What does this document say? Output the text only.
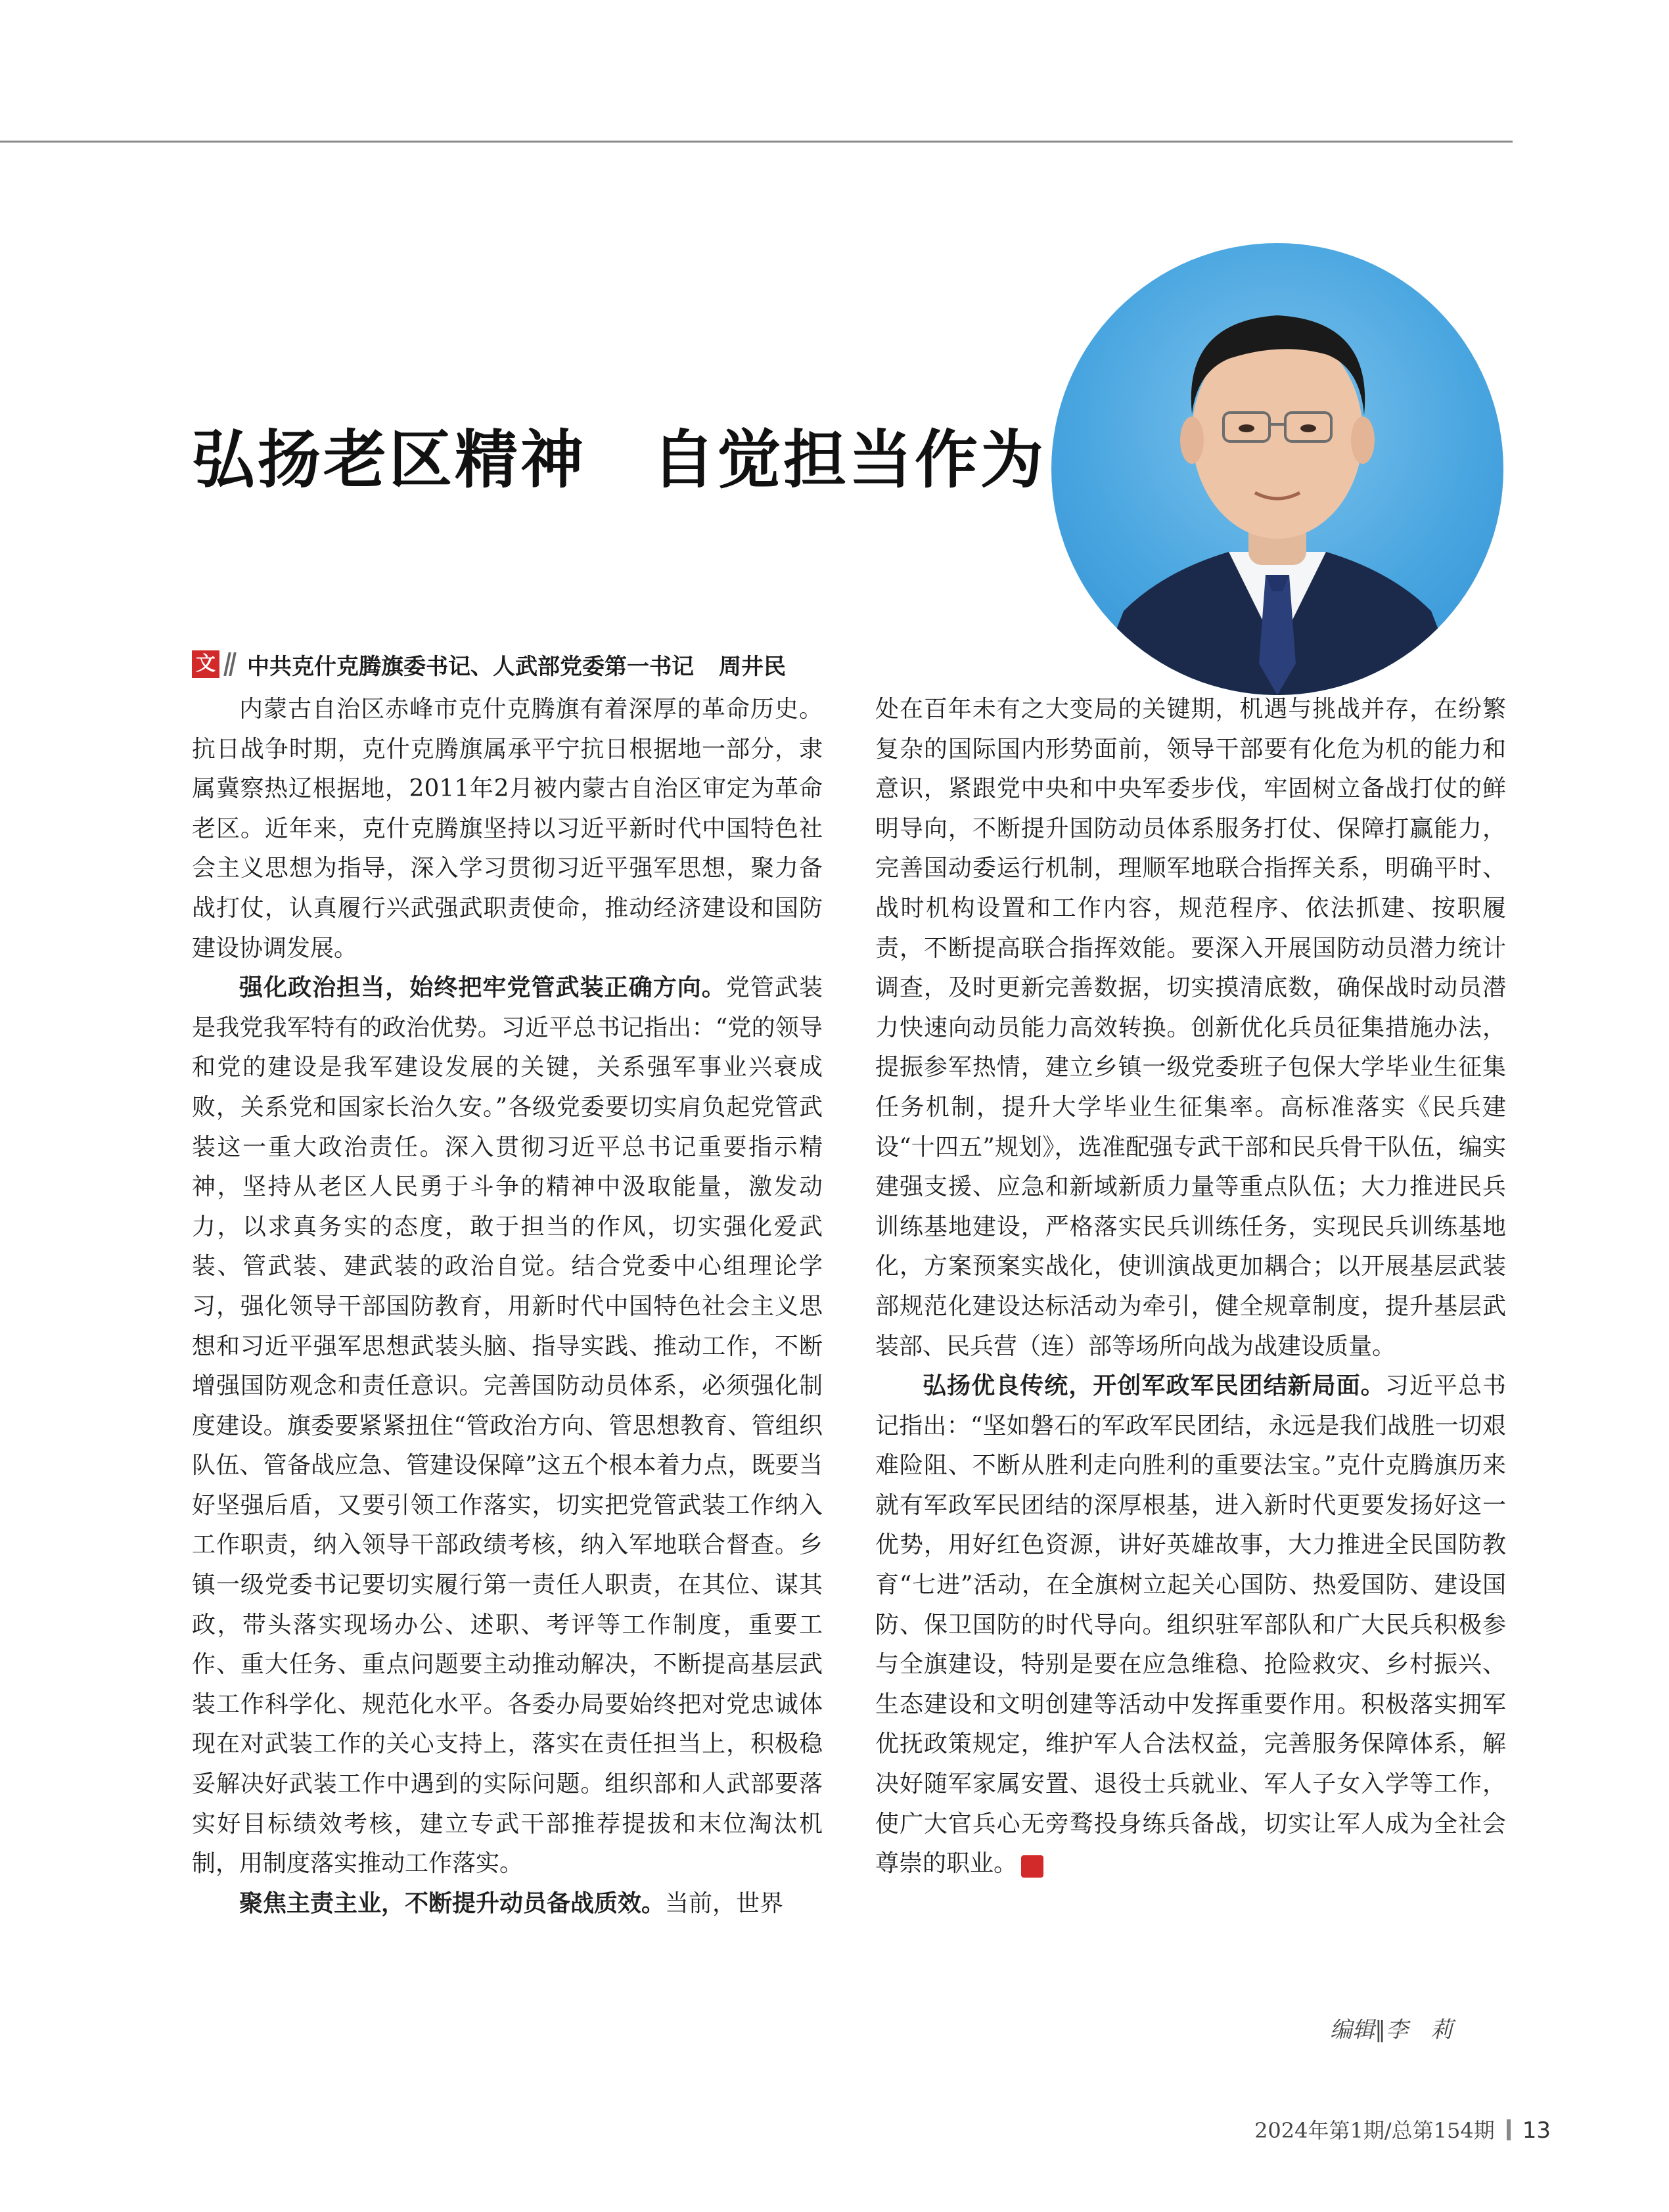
弘扬老区精神　自觉担当作为
文 中共克什克腾旗委书记、人武部党委第一书记 周井民

内蒙古自治区赤峰市克什克腾旗有着深厚的革命历史。抗日战争时期，克什克腾旗属承平宁抗日根据地一部分，隶属冀察热辽根据地，2011年2月被内蒙古自治区审定为革命老区。近年来，克什克腾旗坚持以习近平新时代中国特色社会主义思想为指导，深入学习贯彻习近平强军思想，聚力备战打仗，认真履行兴武强武职责使命，推动经济建设和国防建设协调发展。

强化政治担当，始终把牢党管武装正确方向。党管武装是我党我军特有的政治优势。习近平总书记指出：“党的领导和党的建设是我军建设发展的关键，关系强军事业兴衰成败，关系党和国家长治久安。”各级党委要切实肩负起党管武装这一重大政治责任。深入贯彻习近平总书记重要指示精神，坚持从老区人民勇于斗争的精神中汲取能量，激发动力，以求真务实的态度，敢于担当的作风，切实强化爱武装、管武装、建武装的政治自觉。结合党委中心组理论学习，强化领导干部国防教育，用新时代中国特色社会主义思想和习近平强军思想武装头脑、指导实践、推动工作，不断增强国防观念和责任意识。完善国防动员体系，必须强化制度建设。旗委要紧紧扭住“管政治方向、管思想教育、管组织队伍、管备战应急、管建设保障”这五个根本着力点，既要当好坚强后盾，又要引领工作落实，切实把党管武装工作纳入工作职责，纳入领导干部政绩考核，纳入军地联合督查。乡镇一级党委书记要切实履行第一责任人职责，在其位、谋其政，带头落实现场办公、述职、考评等工作制度，重要工作、重大任务、重点问题要主动推动解决，不断提高基层武装工作科学化、规范化水平。各委办局要始终把对党忠诚体现在对武装工作的关心支持上，落实在责任担当上，积极稳妥解决好武装工作中遇到的实际问题。组织部和人武部要落实好目标绩效考核，建立专武干部推荐提拔和末位淘汰机制，用制度落实推动工作落实。

聚焦主责主业，不断提升动员备战质效。当前，世界

处在百年未有之大变局的关键期，机遇与挑战并存，在纷繁复杂的国际国内形势面前，领导干部要有化危为机的能力和意识，紧跟党中央和中央军委步伐，牢固树立备战打仗的鲜明导向，不断提升国防动员体系服务打仗、保障打赢能力，完善国动委运行机制，理顺军地联合指挥关系，明确平时、战时机构设置和工作内容，规范程序、依法抓建、按职履责，不断提高联合指挥效能。要深入开展国防动员潜力统计调查，及时更新完善数据，切实摸清底数，确保战时动员潜力快速向动员能力高效转换。创新优化兵员征集措施办法，提振参军热情，建立乡镇一级党委班子包保大学毕业生征集任务机制，提升大学毕业生征集率。高标准落实《民兵建设“十四五”规划》，选准配强专武干部和民兵骨干队伍，编实建强支援、应急和新域新质力量等重点队伍；大力推进民兵训练基地建设，严格落实民兵训练任务，实现民兵训练基地化，方案预案实战化，使训演战更加耦合；以开展基层武装部规范化建设达标活动为牵引，健全规章制度，提升基层武装部、民兵营（连）部等场所向战为战建设质量。

弘扬优良传统，开创军政军民团结新局面。习近平总书记指出：“坚如磐石的军政军民团结，永远是我们战胜一切艰难险阻、不断从胜利走向胜利的重要法宝。”克什克腾旗历来就有军政军民团结的深厚根基，进入新时代更要发扬好这一优势，用好红色资源，讲好英雄故事，大力推进全民国防教育“七进”活动，在全旗树立起关心国防、热爱国防、建设国防、保卫国防的时代导向。组织驻军部队和广大民兵积极参与全旗建设，特别是要在应急维稳、抢险救灾、乡村振兴、生态建设和文明创建等活动中发挥重要作用。积极落实拥军优抚政策规定，维护军人合法权益，完善服务保障体系，解决好随军家属安置、退役士兵就业、军人子女入学等工作，使广大官兵心无旁骛投身练兵备战，切实让军人成为全社会尊崇的职业。	G

编辑∥李　莉
2024年第1期/总第154期 13
